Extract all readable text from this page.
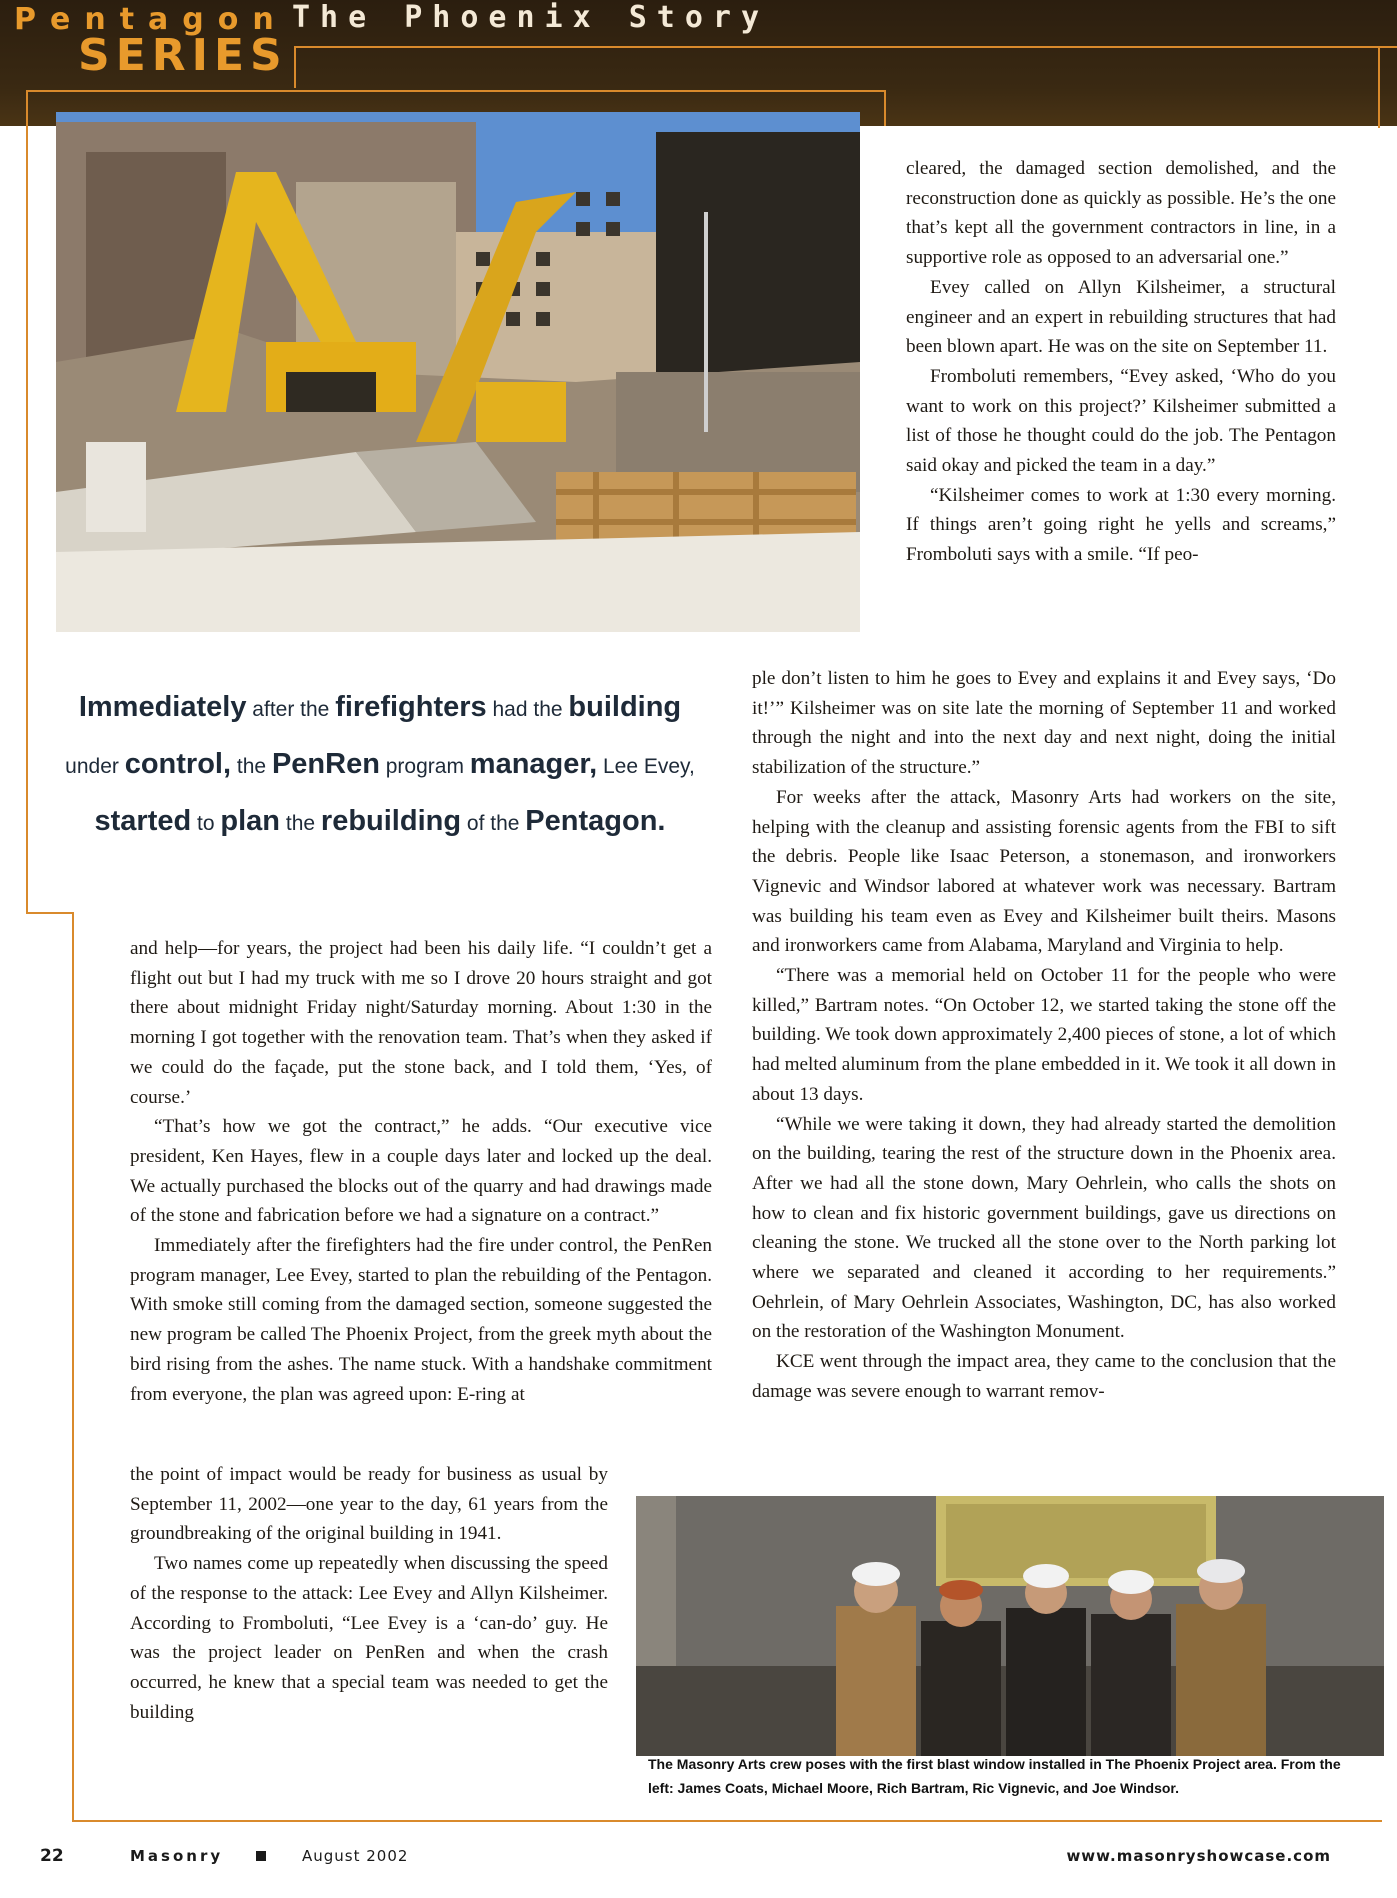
Pentagon The Phoenix Story
SERIES

cleared, the damaged section demolished, and the reconstruction done as quickly as possible. He’s the one that’s kept all the government contractors in line, in a supportive role as opposed to an adversarial one.”

Evey called on Allyn Kilsheimer, a structural engineer and an expert in rebuilding structures that had been blown apart. He was on the site on September 11.

Fromboluti remembers, “Evey asked, ‘Who do you want to work on this project?’ Kilsheimer submitted a list of those he thought could do the job. The Pentagon said okay and picked the team in a day.”

“Kilsheimer comes to work at 1:30 every morning. If things aren’t going right he yells and screams,” Fromboluti says with a smile. “If peo-

Immediately after the firefighters had the building under control, the PenRen program manager, Lee Evey, started to plan the rebuilding of the Pentagon.

ple don’t listen to him he goes to Evey and explains it and Evey says, ‘Do it!’” Kilsheimer was on site late the morning of September 11 and worked through the night and into the next day and next night, doing the initial stabilization of the structure.”

For weeks after the attack, Masonry Arts had workers on the site, helping with the cleanup and assisting forensic agents from the FBI to sift the debris. People like Isaac Peterson, a stonemason, and ironworkers Vignevic and Windsor labored at whatever work was necessary. Bartram was building his team even as Evey and Kilsheimer built theirs. Masons and ironworkers came from Alabama, Maryland and Virginia to help.

“There was a memorial held on October 11 for the people who were killed,” Bartram notes. “On October 12, we started taking the stone off the building. We took down approximately 2,400 pieces of stone, a lot of which had melted aluminum from the plane embedded in it. We took it all down in about 13 days.

“While we were taking it down, they had already started the demolition on the building, tearing the rest of the structure down in the Phoenix area. After we had all the stone down, Mary Oehrlein, who calls the shots on how to clean and fix historic government buildings, gave us directions on cleaning the stone. We trucked all the stone over to the North parking lot where we separated and cleaned it according to her requirements.” Oehrlein, of Mary Oehrlein Associates, Washington, DC, has also worked on the restoration of the Washington Monument.

KCE went through the impact area, they came to the conclusion that the damage was severe enough to warrant remov-

and help—for years, the project had been his daily life. “I couldn’t get a flight out but I had my truck with me so I drove 20 hours straight and got there about midnight Friday night/Saturday morning. About 1:30 in the morning I got together with the renovation team. That’s when they asked if we could do the façade, put the stone back, and I told them, ‘Yes, of course.’

“That’s how we got the contract,” he adds. “Our executive vice president, Ken Hayes, flew in a couple days later and locked up the deal. We actually purchased the blocks out of the quarry and had drawings made of the stone and fabrication before we had a signature on a contract.”

Immediately after the firefighters had the fire under control, the PenRen program manager, Lee Evey, started to plan the rebuilding of the Pentagon. With smoke still coming from the damaged section, someone suggested the new program be called The Phoenix Project, from the greek myth about the bird rising from the ashes. The name stuck. With a handshake commitment from everyone, the plan was agreed upon: E-ring at

the point of impact would be ready for business as usual by September 11, 2002—one year to the day, 61 years from the groundbreaking of the original building in 1941.

Two names come up repeatedly when discussing the speed of the response to the attack: Lee Evey and Allyn Kilsheimer. According to Fromboluti, “Lee Evey is a ‘can-do’ guy. He was the project leader on PenRen and when the crash occurred, he knew that a special team was needed to get the building

The Masonry Arts crew poses with the first blast window installed in The Phoenix Project area. From the left: James Coats, Michael Moore, Rich Bartram, Ric Vignevic, and Joe Windsor.
22	Masonry	August 2002	www.masonryshowcase.com
